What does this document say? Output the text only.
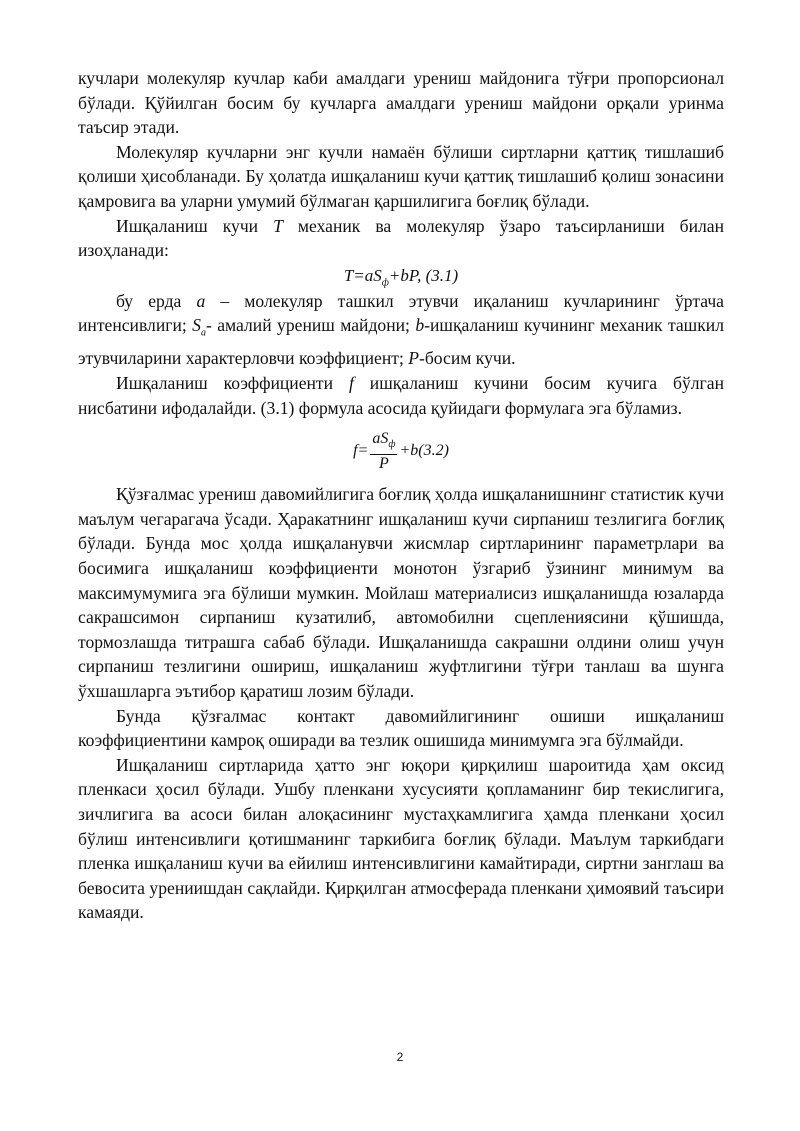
кучлари молекуляр кучлар каби амалдаги урениш майдонига тўғри пропорсионал бўлади. Қўйилган босим бу кучларга амалдаги урениш майдони орқали уринма таъсир этади.

Молекуляр кучларни энг кучли намаён бўлиши сиртларни қаттиқ тишлашиб қолиши ҳисобланади. Бу ҳолатда ишқаланиш кучи қаттиқ тишлашиб қолиш зонасини қамровига ва уларни умумий бўлмаган қаршилигига боғлиқ бўлади.

Ишқаланиш кучи T механик ва молекуляр ўзаро таъсирланиши билан изоҳланади:

$T=aS_ф+bP$, (3.1)

бу ерда a – молекуляр ташкил этувчи иқаланиш кучларининг ўртача интенсивлиги; $S_a-$ амалий урениш майдони; b-ишқаланиш кучининг механик ташкил этувчиларини характерловчи коэффициент; P-босим кучи.

Ишқаланиш коэффициенти f ишқаланиш кучини босим кучига бўлган нисбатини ифодалайди. (3.1) формула асосида қуйидаги формулага эга бўламиз.

$f = \frac{aS_ф}{P} + b$ (3.2)

Қўзғалмас урениш давомийлигига боғлиқ ҳолда ишқаланишнинг статистик кучи маълум чегарагача ўсади. Ҳаракатнинг ишқаланиш кучи сирпаниш тезлигига боғлиқ бўлади. Бунда мос ҳолда ишқаланувчи жисмлар сиртларининг параметрлари ва босимига ишқаланиш коэффициенти монотон ўзгариб ўзининг минимум ва максимумумига эга бўлиши мумкин. Мойлаш материалисиз ишқаланишда юзаларда сакрашсимон сирпаниш кузатилиб, автомобилни сцеплениясини қўшишда, тормозлашда титрашга сабаб бўлади. Ишқаланишда сакрашни олдини олиш учун сирпаниш тезлигини ошириш, ишқаланиш жуфтлигини тўғри танлаш ва шунга ўхшашларга эътибор қаратиш лозим бўлади.

Бунда қўзғалмас контакт давомийлигининг ошиши ишқаланиш коэффициентини камроқ оширади ва тезлик ошишида минимумга эга бўлмайди.

Ишқаланиш сиртларида ҳатто энг юқори қирқилиш шароитида ҳам оксид пленкаси ҳосил бўлади. Ушбу пленкани хусусияти қопламанинг бир текислигига, зичлигига ва асоси билан алоқасининг мустаҳкамлигига ҳамда пленкани ҳосил бўлиш интенсивлиги қотишманинг таркибига боғлиқ бўлади. Маълум таркибдаги пленка ишқаланиш кучи ва ейилиш интенсивлигини камайтиради, сиртни занглаш ва бевосита урениишдан сақлайди. Қирқилган атмосферада пленкани ҳимоявий таъсири камаяди.

2
